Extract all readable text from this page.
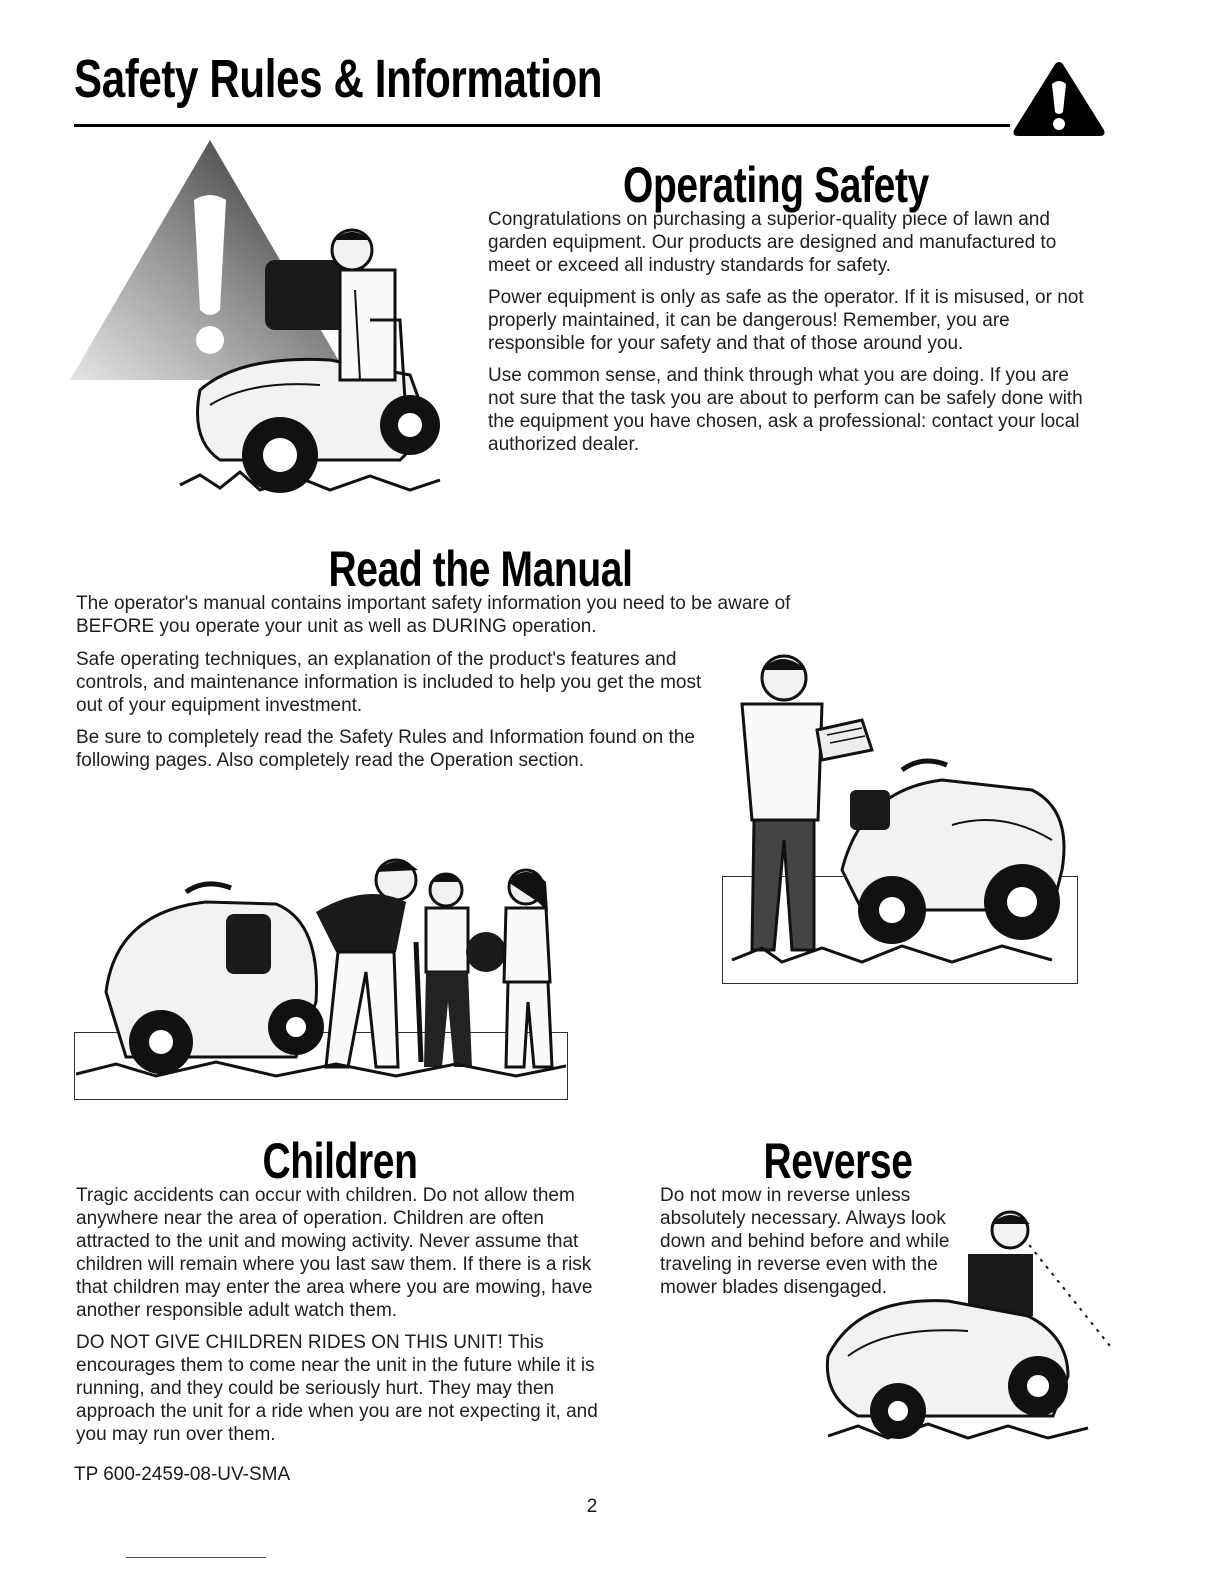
Safety Rules & Information
Operating Safety

Congratulations on purchasing a superior-quality piece of lawn and garden equipment. Our products are designed and manufactured to meet or exceed all industry standards for safety.

Power equipment is only as safe as the operator. If it is misused, or not properly maintained, it can be dangerous! Remember, you are responsible for your safety and that of those around you.

Use common sense, and think through what you are doing. If you are not sure that the task you are about to perform can be safely done with the equipment you have chosen, ask a professional: contact your local authorized dealer.

Read the Manual

The operator's manual contains important safety information you need to be aware of BEFORE you operate your unit as well as DURING operation.

Safe operating techniques, an explanation of the product's features and controls, and maintenance information is included to help you get the most out of your equipment investment.

Be sure to completely read the Safety Rules and Information found on the following pages. Also completely read the Operation section.

Children

Tragic accidents can occur with children. Do not allow them anywhere near the area of operation. Children are often attracted to the unit and mowing activity. Never assume that children will remain where you last saw them. If there is a risk that children may enter the area where you are mowing, have another responsible adult watch them.

DO NOT GIVE CHILDREN RIDES ON THIS UNIT! This encourages them to come near the unit in the future while it is running, and they could be seriously hurt. They may then approach the unit for a ride when you are not expecting it, and you may run over them.

Reverse

Do not mow in reverse unless absolutely necessary. Always look down and behind before and while traveling in reverse even with the mower blades disengaged.

TP 600-2459-08-UV-SMA
2
